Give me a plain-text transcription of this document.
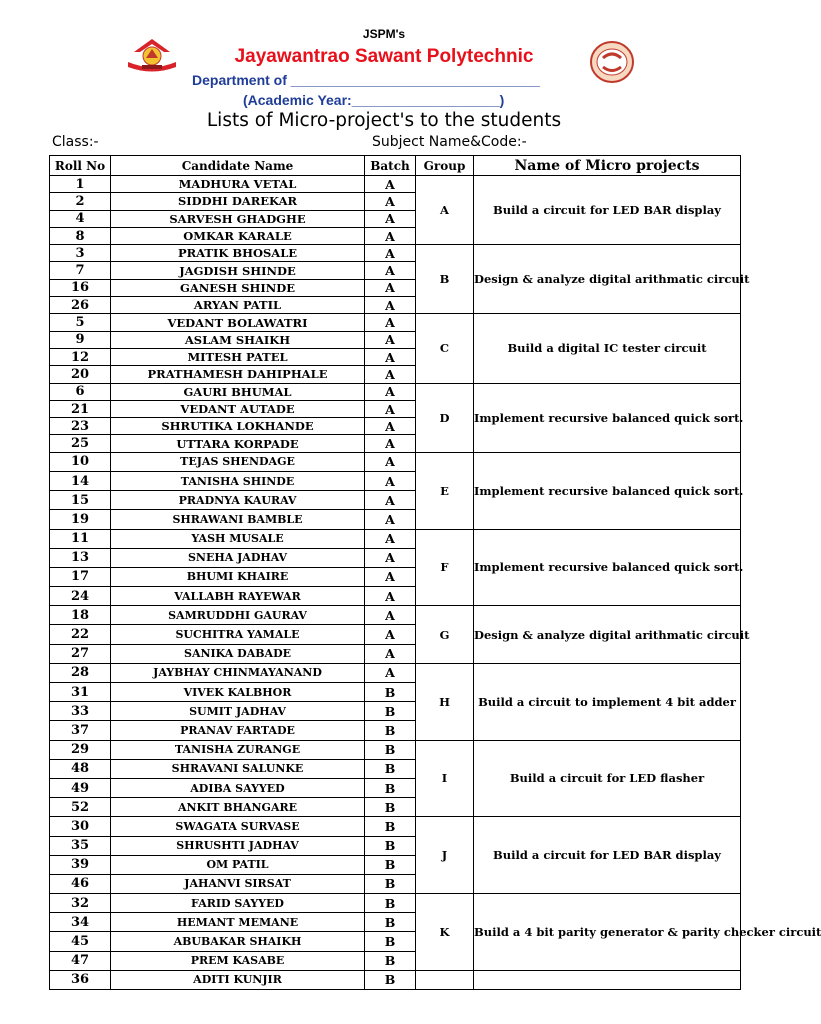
JSPM's
Jayawantrao Sawant Polytechnic
Department of ________________________________
(Academic Year:___________________)
Lists of Micro-project's to the students
Class:-	Subject Name&Code:-
Roll No	Candidate Name	Batch	Group	Name of Micro projects
1	MADHURA VETAL	A	A	Build a circuit for LED BAR display
2	SIDDHI DAREKAR	A		
4	SARVESH GHADGHE	A		
8	OMKAR KARALE	A		
3	PRATIK BHOSALE	A	B	Design & analyze digital arithmatic circuit
7	JAGDISH SHINDE	A		
16	GANESH SHINDE	A		
26	ARYAN PATIL	A		
5	VEDANT BOLAWATRI	A	C	Build a digital IC tester circuit
9	ASLAM SHAIKH	A		
12	MITESH PATEL	A		
20	PRATHAMESH DAHIPHALE	A		
6	GAURI BHUMAL	A	D	Implement recursive balanced quick sort.
21	VEDANT AUTADE	A		
23	SHRUTIKA LOKHANDE	A		
25	UTTARA KORPADE	A		
10	TEJAS SHENDAGE	A	E	Implement recursive balanced quick sort.
14	TANISHA SHINDE	A		
15	PRADNYA KAURAV	A		
19	SHRAWANI BAMBLE	A		
11	YASH MUSALE	A	F	Implement recursive balanced quick sort.
13	SNEHA JADHAV	A		
17	BHUMI KHAIRE	A		
24	VALLABH RAYEWAR	A		
18	SAMRUDDHI GAURAV	A	G	Design & analyze digital arithmatic circuit
22	SUCHITRA YAMALE	A		
27	SANIKA DABADE	A		
28	JAYBHAY CHINMAYANAND	A	H	Build a circuit to implement 4 bit adder
31	VIVEK KALBHOR	B		
33	SUMIT JADHAV	B		
37	PRANAV FARTADE	B		
29	TANISHA ZURANGE	B	I	Build a circuit for LED flasher
48	SHRAVANI SALUNKE	B		
49	ADIBA SAYYED	B		
52	ANKIT BHANGARE	B		
30	SWAGATA SURVASE	B	J	Build a circuit for LED BAR display
35	SHRUSHTI JADHAV	B		
39	OM PATIL	B		
46	JAHANVI SIRSAT	B		
32	FARID SAYYED	B	K	Build a 4 bit parity generator & parity checker circuit
34	HEMANT MEMANE	B		
45	ABUBAKAR SHAIKH	B		
47	PREM KASABE	B		
36	ADITI KUNJIR	B		
